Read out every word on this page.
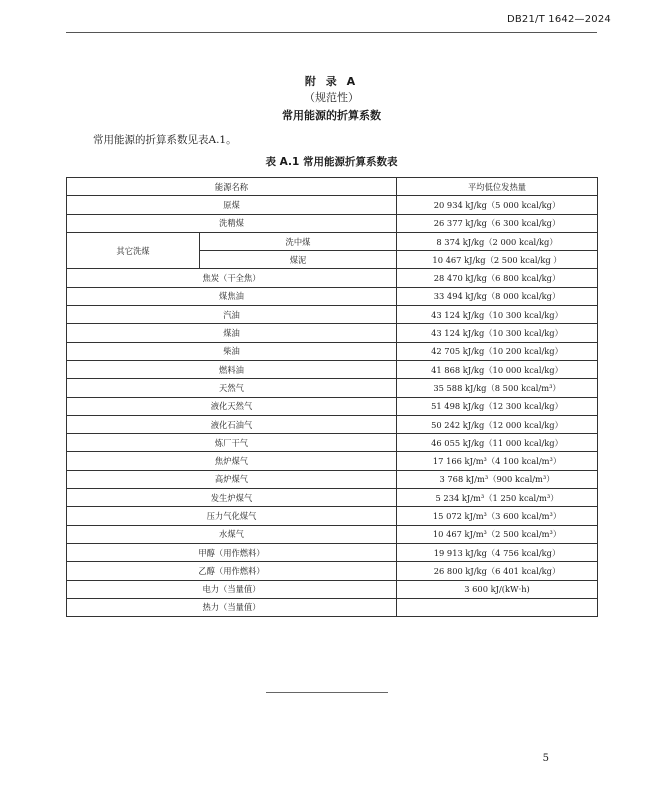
DB21/T 1642—2024
附 录 A
（规范性）
常用能源的折算系数
常用能源的折算系数见表A.1。
表 A.1 常用能源折算系数表
能源名称		平均低位发热量	
原煤		20 934 kJ/kg（5 000 kcal/kg）	
洗精煤		26 377 kJ/kg（6 300 kcal/kg）	
其它洗煤	洗中煤	8 374 kJ/kg（2 000 kcal/kg）	
	煤泥	10 467 kJ/kg（2 500 kcal/kg ）	
焦炭（干全焦）		28 470 kJ/kg（6 800 kcal/kg）	
煤焦油		33 494 kJ/kg（8 000 kcal/kg）	
汽油		43 124 kJ/kg（10 300 kcal/kg）	
煤油		43 124 kJ/kg（10 300 kcal/kg）	
柴油		42 705 kJ/kg（10 200 kcal/kg）	
燃料油		41 868 kJ/kg（10 000 kcal/kg）	
天然气		35 588 kJ/kg（8 500 kcal/m³）	
液化天然气		51 498 kJ/kg（12 300 kcal/kg）	
液化石油气		50 242 kJ/kg（12 000 kcal/kg）	
炼厂干气		46 055 kJ/kg（11 000 kcal/kg）	
焦炉煤气		17 166 kJ/m³（4 100 kcal/m³）	
高炉煤气		3 768 kJ/m³（900 kcal/m³）	
发生炉煤气		5 234 kJ/m³（1 250 kcal/m³）	
压力气化煤气		15 072 kJ/m³（3 600 kcal/m³）	
水煤气		10 467 kJ/m³（2 500 kcal/m³）	
甲醇（用作燃料）		19 913 kJ/kg（4 756 kcal/kg）	
乙醇（用作燃料）		26 800 kJ/kg（6 401 kcal/kg）	
电力（当量值）		3 600 kJ/(kW·h)	
热力（当量值）		
5
